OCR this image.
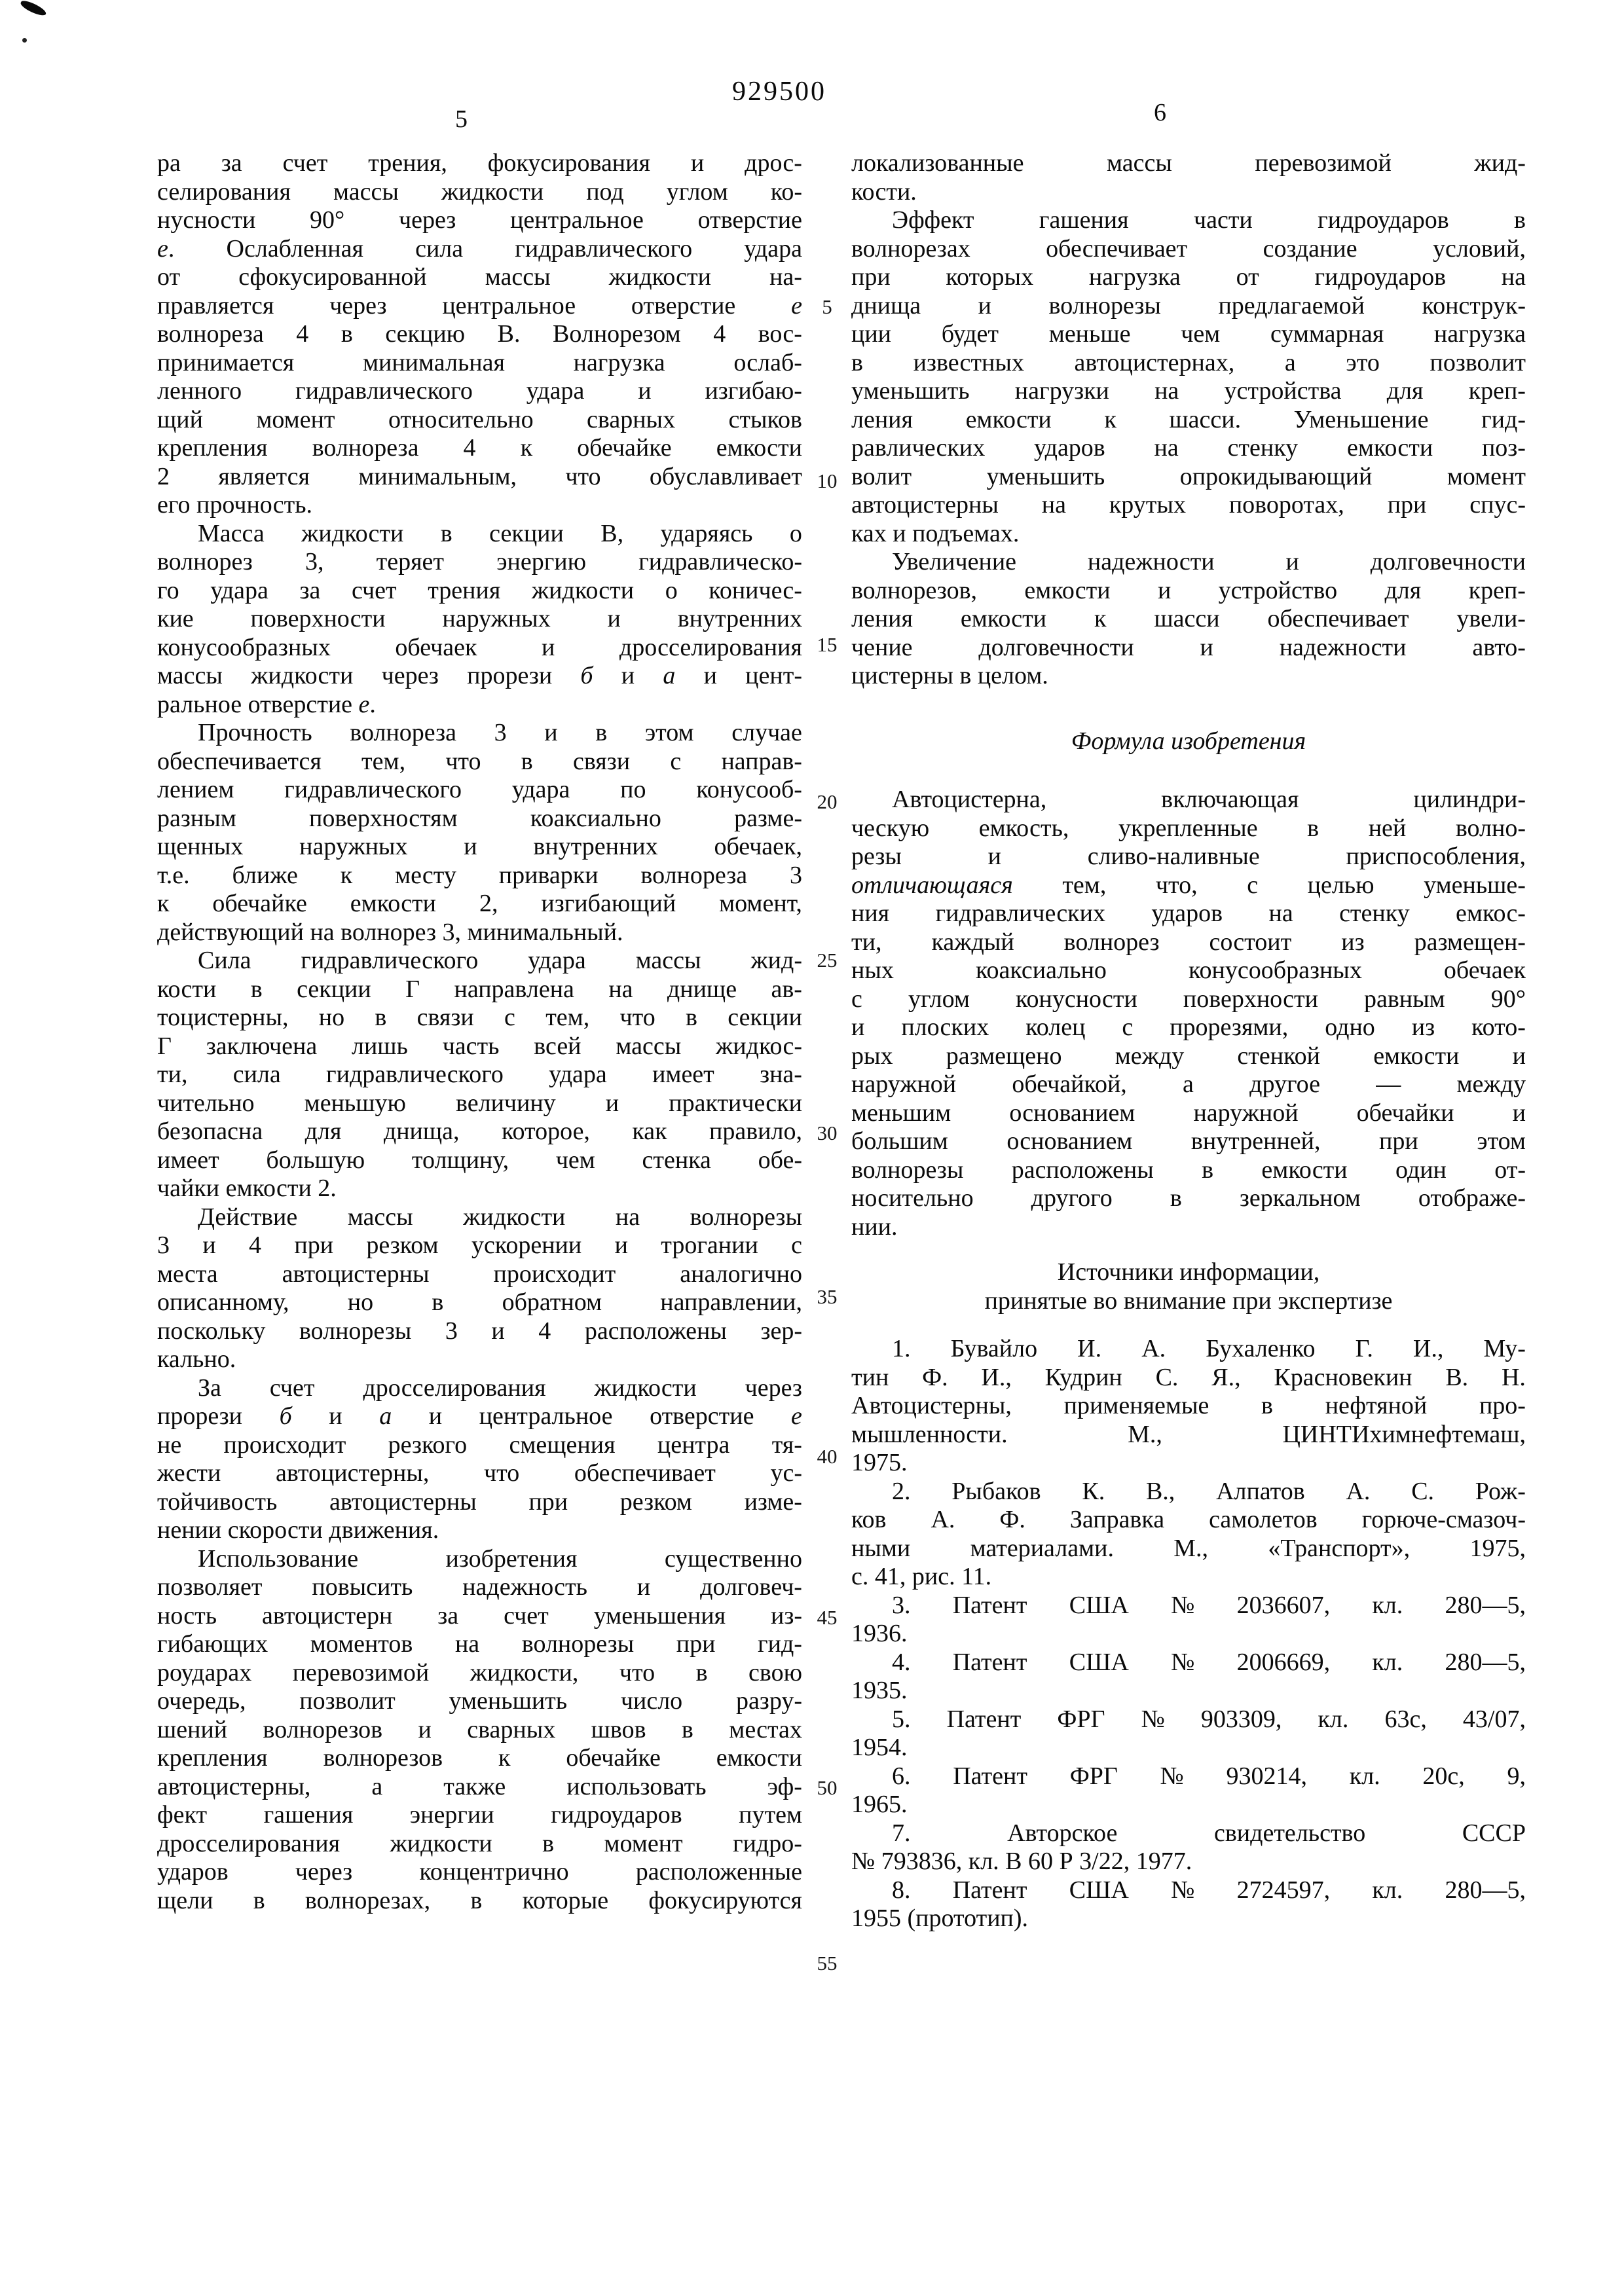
929500
5	6
5
10
15
20
25
30
35
40
45
50
55
ра за счет трения, фокусирования и дрос-
селирования массы жидкости под углом ко-
нусности 90° через центральное отверстие
е. Ослабленная сила гидравлического удара
от сфокусированной массы жидкости на-
правляется через центральное отверстие е
волнореза 4 в секцию В. Волнорезом 4 вос-
принимается	минимальная	нагрузка	ослаб-
ленного гидравлического удара и изгибаю-
щий момент относительно сварных стыков
крепления волнореза 4 к обечайке емкости
2 является минимальным, что обуславливает
его прочность.
Масса жидкости в секции В, ударяясь о
волнорез 3, теряет энергию гидравлическо-
го удара за счет трения жидкости о коничес-
кие поверхности наружных и внутренних
конусообразных	обечаек	и	дросселирования
массы жидкости через прорези б и а и цент-
ральное отверстие е.
Прочность волнореза 3 и в этом случае
обеспечивается тем, что в связи с направ-
лением гидравлического удара по конусооб-
разным	поверхностям	коаксиально	разме-
щенных наружных и внутренних обечаек,
т.е. ближе к месту приварки волнореза 3
к обечайке емкости 2, изгибающий момент,
действующий на волнорез 3, минимальный.
Сила гидравлического удара массы жид-
кости в секции Г направлена на днище ав-
тоцистерны, но в связи с тем, что в секции
Г заключена лишь часть всей массы жидкос-
ти, сила гидравлического удара имеет зна-
чительно меньшую величину и практически
безопасна для днища, которое, как правило,
имеет большую толщину, чем стенка обе-
чайки емкости 2.
Действие массы жидкости на волнорезы
3 и 4 при резком ускорении и трогании с
места	автоцистерны	происходит	аналогично
описанному, но в обратном направлении,
поскольку волнорезы 3 и 4 расположены зер-
кально.
За счет дросселирования жидкости через
прорези б и а и центральное отверстие е
не происходит резкого смещения центра тя-
жести автоцистерны, что обеспечивает ус-
тойчивость автоцистерны при резком изме-
нении скорости движения.
Использование	изобретения	существенно
позволяет повысить надежность и долговеч-
ность автоцистерн за счет уменьшения из-
гибающих моментов на волнорезы при гид-
роударах перевозимой жидкости, что в свою
очередь, позволит уменьшить число разру-
шений волнорезов и сварных швов в местах
крепления волнорезов к обечайке емкости
автоцистерны, а также использовать эф-
фект гашения энергии гидроударов путем
дросселирования жидкости в момент гидро-
ударов	через	концентрично	расположенные
щели в волнорезах, в которые фокусируются
локализованные	массы	перевозимой	жид-
кости.
Эффект	гашения	части	гидроударов	в
волнорезах	обеспечивает	создание	условий,
при которых нагрузка от гидроударов на
днища и волнорезы предлагаемой конструк-
ции будет меньше чем суммарная нагрузка
в известных автоцистернах, а это позволит
уменьшить нагрузки на устройства для креп-
ления емкости к шасси. Уменьшение гид-
равлических ударов на стенку емкости поз-
волит	уменьшить	опрокидывающий	момент
автоцистерны на крутых поворотах, при спус-
ках и подъемах.
Увеличение	надежности	и	долговечности
волнорезов, емкости и устройство для креп-
ления емкости к шасси обеспечивает увели-
чение	долговечности	и	надежности	авто-
цистерны в целом.
Формула изобретения
Автоцистерна,	включающая	цилиндри-
ческую емкость, укрепленные в ней волно-
резы	и	сливо-наливные	приспособления,
отличающаяся тем, что, с целью уменьше-
ния гидравлических ударов на стенку емкос-
ти, каждый волнорез состоит из размещен-
ных	коаксиально	конусообразных	обечаек
с углом конусности поверхности равным 90°
и плоских колец с прорезями, одно из кото-
рых размещено между стенкой емкости и
наружной обечайкой, а другое — между
меньшим основанием наружной обечайки и
большим основанием внутренней, при этом
волнорезы расположены в емкости один от-
носительно другого в зеркальном отображе-
нии.
Источники информации,
принятые во внимание при экспертизе
1. Бувайло И. А. Бухаленко Г. И., Му-
тин Ф. И., Кудрин С. Я., Красновекин В. Н.
Автоцистерны, применяемые в нефтяной про-
мышленности.	М.,	ЦИНТИхимнефтемаш,
1975.
2. Рыбаков К. В., Алпатов А. С. Рож-
ков А. Ф. Заправка самолетов горюче-смазоч-
ными материалами. М., «Транспорт», 1975,
с. 41, рис. 11.
3. Патент США № 2036607, кл. 280—5,
1936.
4. Патент США № 2006669, кл. 280—5,
1935.
5. Патент ФРГ № 903309, кл. 63с, 43/07,
1954.
6. Патент ФРГ № 930214, кл. 20с, 9,
1965.
7.	Авторское	свидетельство	СССР
№ 793836, кл. В 60 Р 3/22, 1977.
8. Патент США № 2724597, кл. 280—5,
1955 (прототип).
